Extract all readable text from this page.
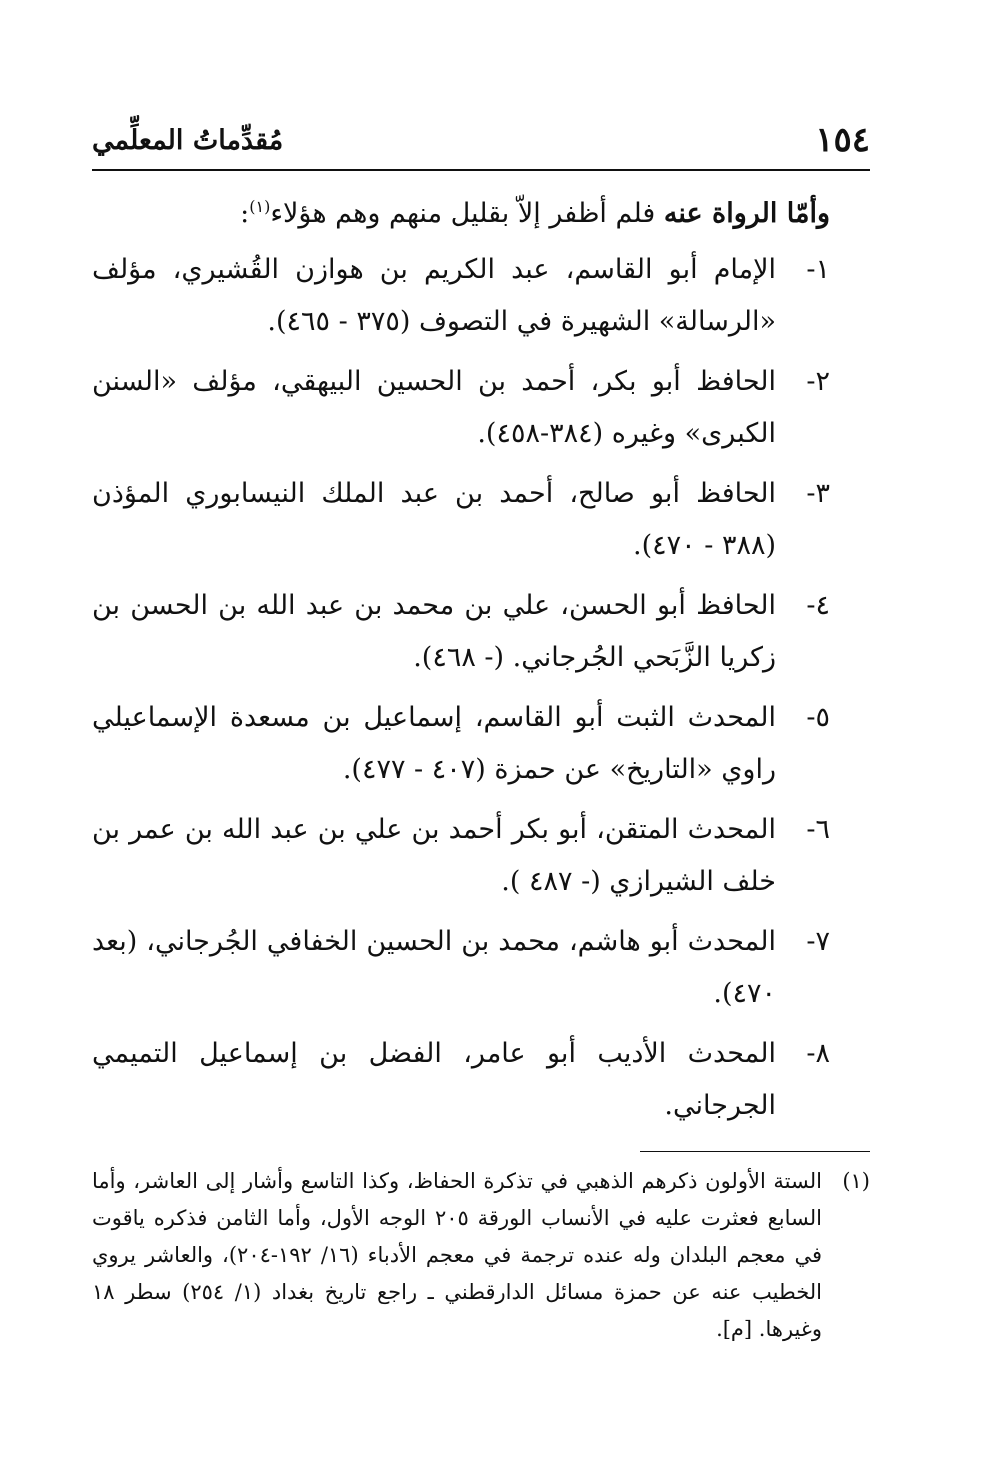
١٥٤
مُقدِّماتُ المعلِّمي

وأمّا الرواة عنه فلم أظفر إلاّ بقليل منهم وهم هؤلاء$^{(١)}$:

١-
الإمام أبو القاسم، عبد الكريم بن هوازن القُشيري، مؤلف «الرسالة» الشهيرة في التصوف (٣٧٥ - ٤٦٥).
٢-
الحافظ أبو بكر، أحمد بن الحسين البيهقي، مؤلف «السنن الكبرى» وغيره (٣٨٤-٤٥٨).
٣-
الحافظ أبو صالح، أحمد بن عبد الملك النيسابوري المؤذن (٣٨٨ - ٤٧٠).
٤-
الحافظ أبو الحسن، علي بن محمد بن عبد الله بن الحسن بن زكريا الزَّبَحي الجُرجاني. (- ٤٦٨).
٥-
المحدث الثبت أبو القاسم، إسماعيل بن مسعدة الإسماعيلي راوي «التاريخ» عن حمزة (٤٠٧ - ٤٧٧).
٦-
المحدث المتقن، أبو بكر أحمد بن علي بن عبد الله بن عمر بن خلف الشيرازي (- ٤٨٧ ).
٧-
المحدث أبو هاشم، محمد بن الحسين الخفافي الجُرجاني، (بعد ٤٧٠).
٨-
المحدث الأديب أبو عامر، الفضل بن إسماعيل التميمي الجرجاني.
(١)
الستة الأولون ذكرهم الذهبي في تذكرة الحفاظ، وكذا التاسع وأشار إلى العاشر، وأما السابع فعثرت عليه في الأنساب الورقة ٢٠٥ الوجه الأول، وأما الثامن فذكره ياقوت في معجم البلدان وله عنده ترجمة في معجم الأدباء (١٦/ ١٩٢-٢٠٤)، والعاشر يروي الخطيب عنه عن حمزة مسائل الدارقطني ـ راجع تاريخ بغداد (١/ ٢٥٤) سطر ١٨ وغيرها. [م].
